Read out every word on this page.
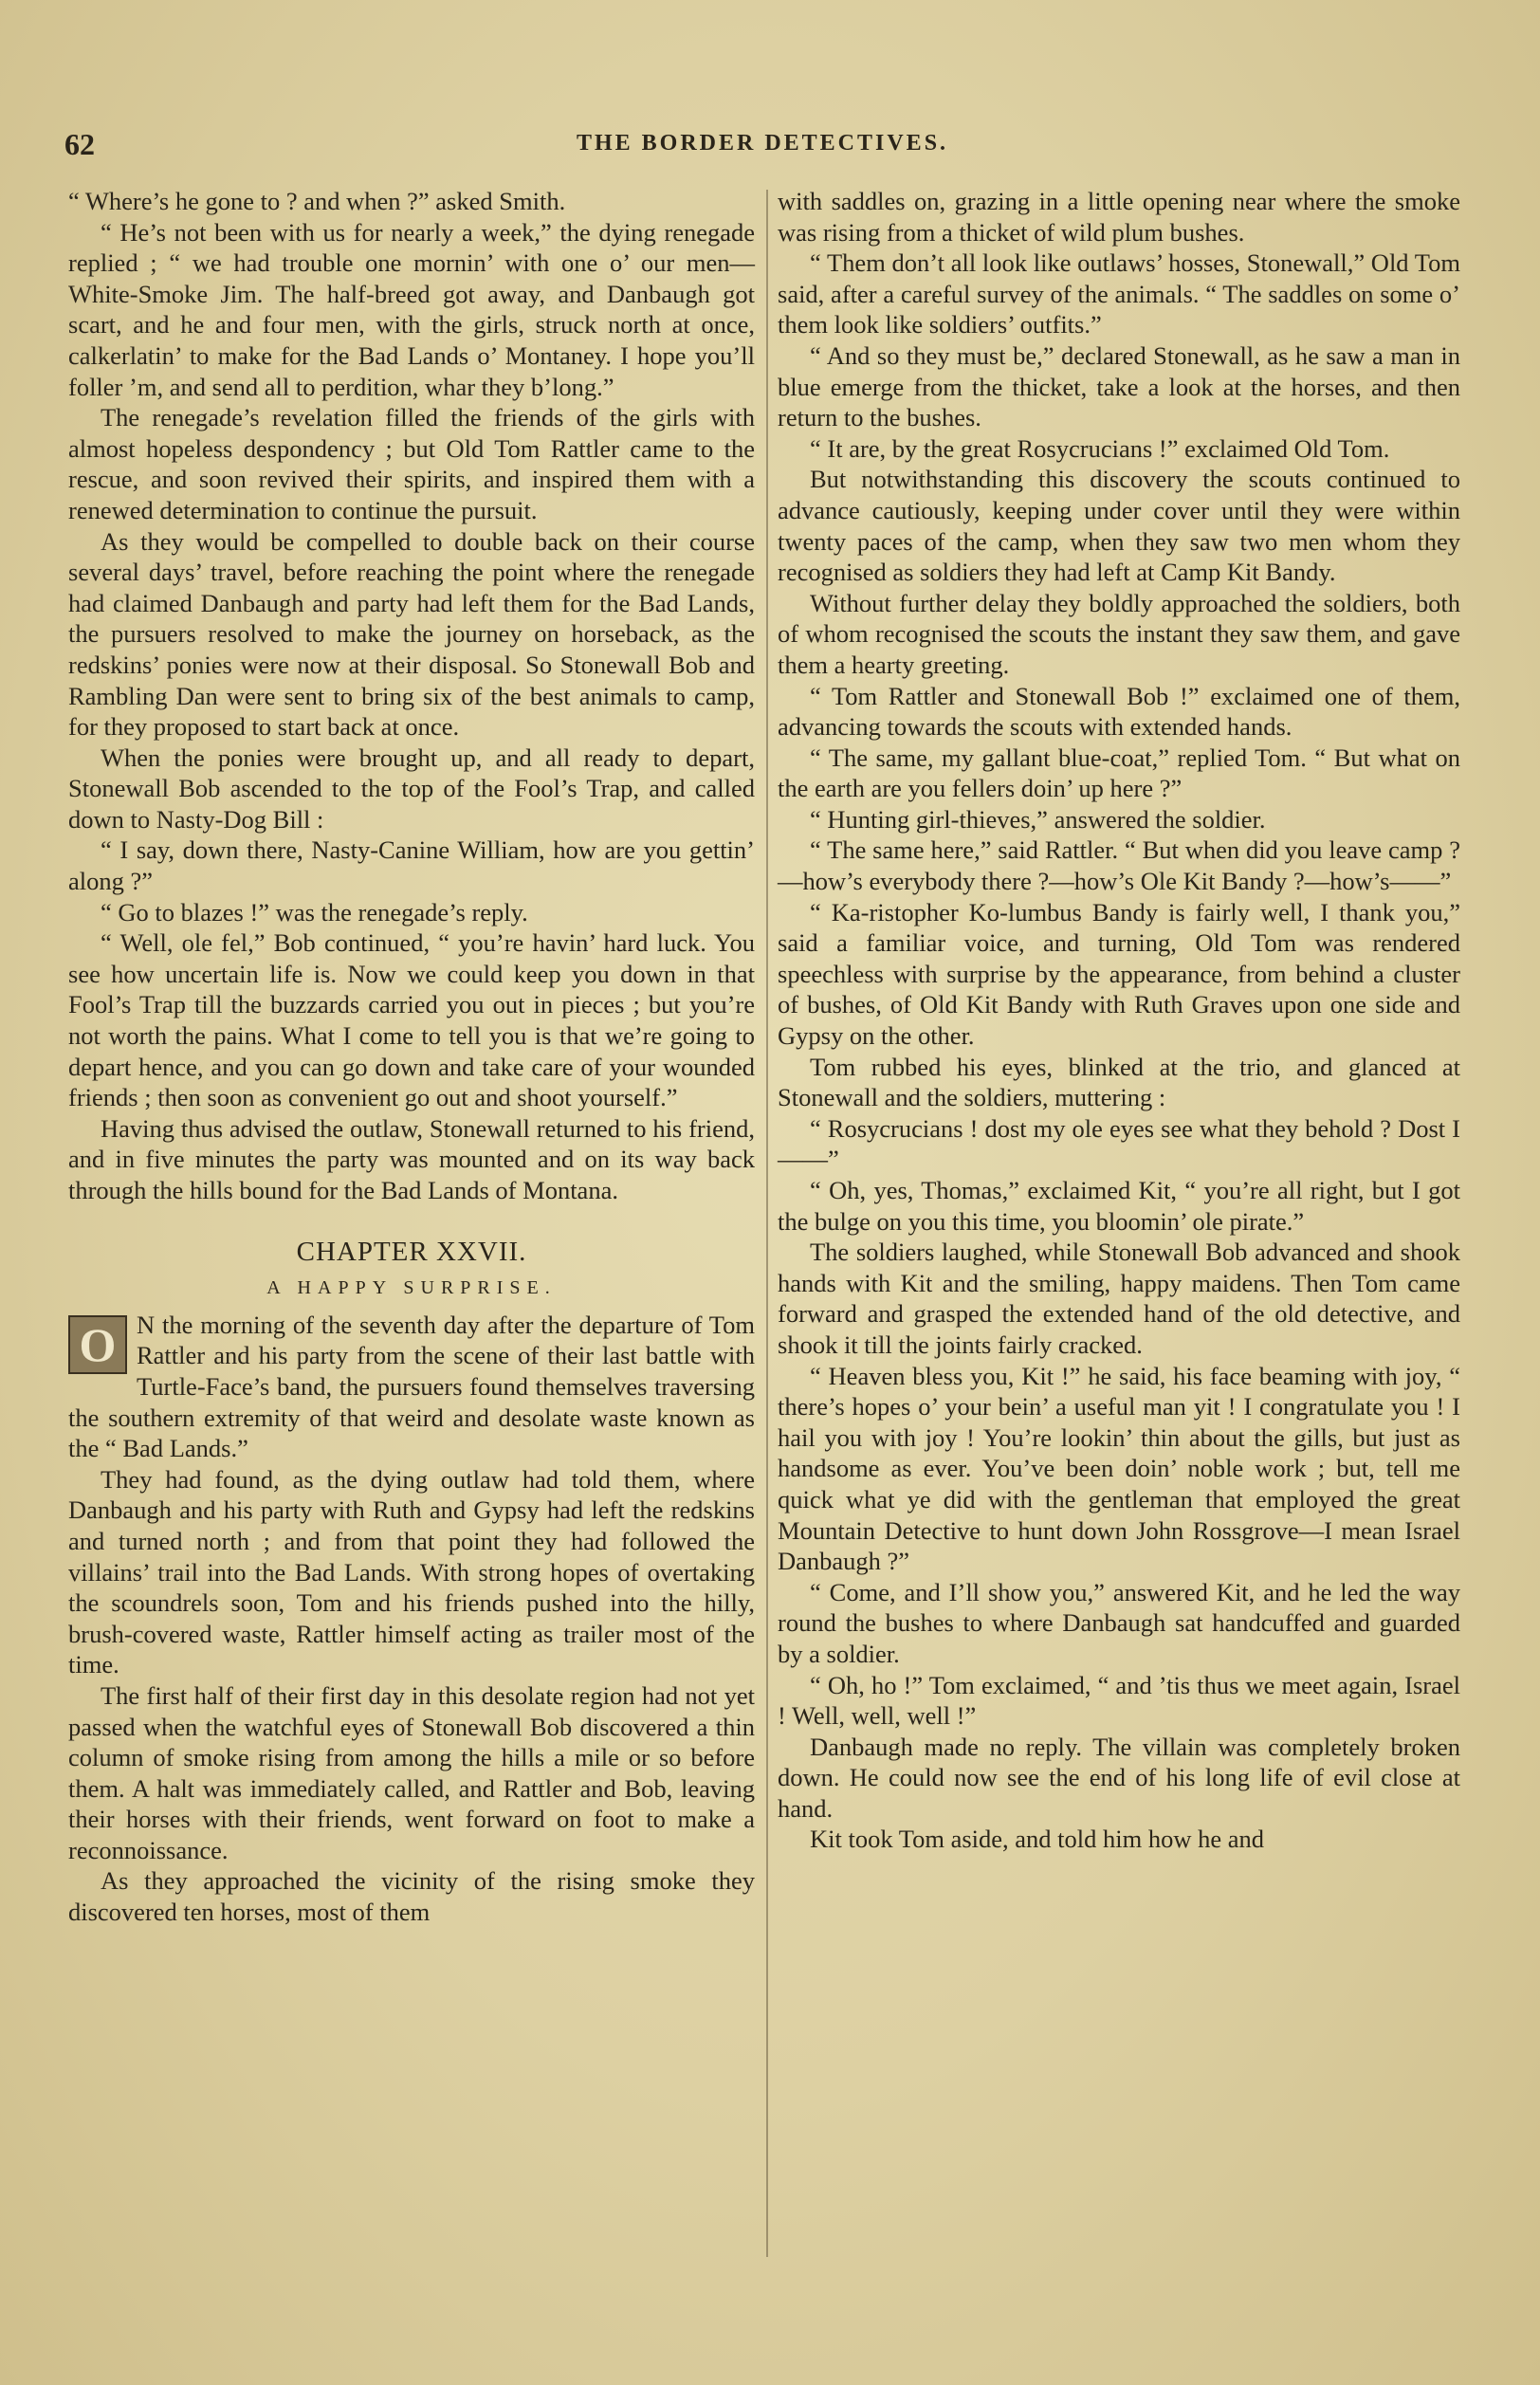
62	THE BORDER DETECTIVES.

“ Where’s he gone to ? and when ?” asked Smith.

“ He’s not been with us for nearly a week,” the dying renegade replied ; “ we had trouble one mornin’ with one o’ our men—White-Smoke Jim. The half-breed got away, and Danbaugh got scart, and he and four men, with the girls, struck north at once, calkerlatin’ to make for the Bad Lands o’ Montaney. I hope you’ll foller ’m, and send all to perdition, whar they b’long.”

The renegade’s revelation filled the friends of the girls with almost hopeless despondency ; but Old Tom Rattler came to the rescue, and soon revived their spirits, and inspired them with a renewed determination to continue the pursuit.

As they would be compelled to double back on their course several days’ travel, before reaching the point where the renegade had claimed Danbaugh and party had left them for the Bad Lands, the pursuers resolved to make the journey on horseback, as the redskins’ ponies were now at their disposal. So Stonewall Bob and Rambling Dan were sent to bring six of the best animals to camp, for they proposed to start back at once.

When the ponies were brought up, and all ready to depart, Stonewall Bob ascended to the top of the Fool’s Trap, and called down to Nasty-Dog Bill :

“ I say, down there, Nasty-Canine William, how are you gettin’ along ?”

“ Go to blazes !” was the renegade’s reply.

“ Well, ole fel,” Bob continued, “ you’re havin’ hard luck. You see how uncertain life is. Now we could keep you down in that Fool’s Trap till the buzzards carried you out in pieces ; but you’re not worth the pains. What I come to tell you is that we’re going to depart hence, and you can go down and take care of your wounded friends ; then soon as convenient go out and shoot yourself.”

Having thus advised the outlaw, Stonewall returned to his friend, and in five minutes the party was mounted and on its way back through the hills bound for the Bad Lands of Montana.

CHAPTER XXVII.
A HAPPY SURPRISE.

O N the morning of the seventh day after the departure of Tom Rattler and his party from the scene of their last battle with Turtle-Face’s band, the pursuers found themselves traversing the southern extremity of that weird and desolate waste known as the “ Bad Lands.”

They had found, as the dying outlaw had told them, where Danbaugh and his party with Ruth and Gypsy had left the redskins and turned north ; and from that point they had followed the villains’ trail into the Bad Lands. With strong hopes of overtaking the scoundrels soon, Tom and his friends pushed into the hilly, brush-covered waste, Rattler himself acting as trailer most of the time.

The first half of their first day in this desolate region had not yet passed when the watchful eyes of Stonewall Bob discovered a thin column of smoke rising from among the hills a mile or so before them. A halt was immediately called, and Rattler and Bob, leaving their horses with their friends, went forward on foot to make a reconnoissance.

As they approached the vicinity of the rising smoke they discovered ten horses, most of them

with saddles on, grazing in a little opening near where the smoke was rising from a thicket of wild plum bushes.

“ Them don’t all look like outlaws’ hosses, Stonewall,” Old Tom said, after a careful survey of the animals. “ The saddles on some o’ them look like soldiers’ outfits.”

“ And so they must be,” declared Stonewall, as he saw a man in blue emerge from the thicket, take a look at the horses, and then return to the bushes.

“ It are, by the great Rosycrucians !” exclaimed Old Tom.

But notwithstanding this discovery the scouts continued to advance cautiously, keeping under cover until they were within twenty paces of the camp, when they saw two men whom they recognised as soldiers they had left at Camp Kit Bandy.

Without further delay they boldly approached the soldiers, both of whom recognised the scouts the instant they saw them, and gave them a hearty greeting.

“ Tom Rattler and Stonewall Bob !” exclaimed one of them, advancing towards the scouts with extended hands.

“ The same, my gallant blue-coat,” replied Tom. “ But what on the earth are you fellers doin’ up here ?”

“ Hunting girl-thieves,” answered the soldier.

“ The same here,” said Rattler. “ But when did you leave camp ?—how’s everybody there ?—how’s Ole Kit Bandy ?—how’s——”

“ Ka-ristopher Ko-lumbus Bandy is fairly well, I thank you,” said a familiar voice, and turning, Old Tom was rendered speechless with surprise by the appearance, from behind a cluster of bushes, of Old Kit Bandy with Ruth Graves upon one side and Gypsy on the other.

Tom rubbed his eyes, blinked at the trio, and glanced at Stonewall and the soldiers, muttering :

“ Rosycrucians ! dost my ole eyes see what they behold ? Dost I——”

“ Oh, yes, Thomas,” exclaimed Kit, “ you’re all right, but I got the bulge on you this time, you bloomin’ ole pirate.”

The soldiers laughed, while Stonewall Bob advanced and shook hands with Kit and the smiling, happy maidens. Then Tom came forward and grasped the extended hand of the old detective, and shook it till the joints fairly cracked.

“ Heaven bless you, Kit !” he said, his face beaming with joy, “ there’s hopes o’ your bein’ a useful man yit ! I congratulate you ! I hail you with joy ! You’re lookin’ thin about the gills, but just as handsome as ever. You’ve been doin’ noble work ; but, tell me quick what ye did with the gentleman that employed the great Mountain Detective to hunt down John Rossgrove—I mean Israel Danbaugh ?”

“ Come, and I’ll show you,” answered Kit, and he led the way round the bushes to where Danbaugh sat handcuffed and guarded by a soldier.

“ Oh, ho !” Tom exclaimed, “ and ’tis thus we meet again, Israel ! Well, well, well !”

Danbaugh made no reply. The villain was completely broken down. He could now see the end of his long life of evil close at hand.

Kit took Tom aside, and told him how he and
